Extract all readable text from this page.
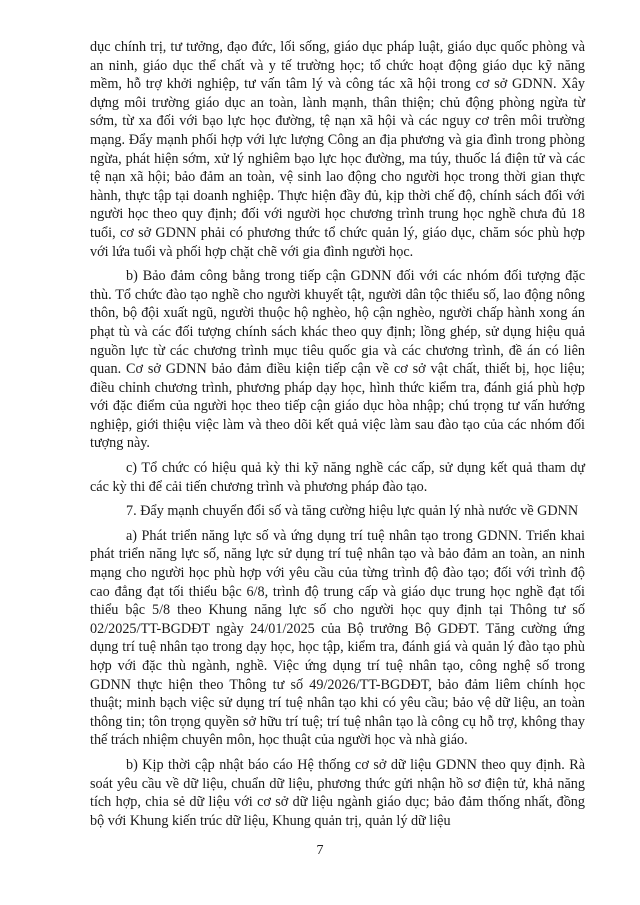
dục chính trị, tư tưởng, đạo đức, lối sống, giáo dục pháp luật, giáo dục quốc phòng và an ninh, giáo dục thể chất và y tế trường học; tổ chức hoạt động giáo dục kỹ năng mềm, hỗ trợ khởi nghiệp, tư vấn tâm lý và công tác xã hội trong cơ sở GDNN. Xây dựng môi trường giáo dục an toàn, lành mạnh, thân thiện; chủ động phòng ngừa từ sớm, từ xa đối với bạo lực học đường, tệ nạn xã hội và các nguy cơ trên môi trường mạng. Đẩy mạnh phối hợp với lực lượng Công an địa phương và gia đình trong phòng ngừa, phát hiện sớm, xử lý nghiêm bạo lực học đường, ma túy, thuốc lá điện tử và các tệ nạn xã hội; bảo đảm an toàn, vệ sinh lao động cho người học trong thời gian thực hành, thực tập tại doanh nghiệp. Thực hiện đầy đủ, kịp thời chế độ, chính sách đối với người học theo quy định; đối với người học chương trình trung học nghề chưa đủ 18 tuổi, cơ sở GDNN phải có phương thức tổ chức quản lý, giáo dục, chăm sóc phù hợp với lứa tuổi và phối hợp chặt chẽ với gia đình người học.

b) Bảo đảm công bằng trong tiếp cận GDNN đối với các nhóm đối tượng đặc thù. Tổ chức đào tạo nghề cho người khuyết tật, người dân tộc thiểu số, lao động nông thôn, bộ đội xuất ngũ, người thuộc hộ nghèo, hộ cận nghèo, người chấp hành xong án phạt tù và các đối tượng chính sách khác theo quy định; lồng ghép, sử dụng hiệu quả nguồn lực từ các chương trình mục tiêu quốc gia và các chương trình, đề án có liên quan. Cơ sở GDNN bảo đảm điều kiện tiếp cận về cơ sở vật chất, thiết bị, học liệu; điều chỉnh chương trình, phương pháp dạy học, hình thức kiểm tra, đánh giá phù hợp với đặc điểm của người học theo tiếp cận giáo dục hòa nhập; chú trọng tư vấn hướng nghiệp, giới thiệu việc làm và theo dõi kết quả việc làm sau đào tạo của các nhóm đối tượng này.

c) Tổ chức có hiệu quả kỳ thi kỹ năng nghề các cấp, sử dụng kết quả tham dự các kỳ thi để cải tiến chương trình và phương pháp đào tạo.

7. Đẩy mạnh chuyển đổi số và tăng cường hiệu lực quản lý nhà nước về GDNN

a) Phát triển năng lực số và ứng dụng trí tuệ nhân tạo trong GDNN. Triển khai phát triển năng lực số, năng lực sử dụng trí tuệ nhân tạo và bảo đảm an toàn, an ninh mạng cho người học phù hợp với yêu cầu của từng trình độ đào tạo; đối với trình độ cao đẳng đạt tối thiểu bậc 6/8, trình độ trung cấp và giáo dục trung học nghề đạt tối thiểu bậc 5/8 theo Khung năng lực số cho người học quy định tại Thông tư số 02/2025/TT-BGDĐT ngày 24/01/2025 của Bộ trưởng Bộ GDĐT. Tăng cường ứng dụng trí tuệ nhân tạo trong dạy học, học tập, kiểm tra, đánh giá và quản lý đào tạo phù hợp với đặc thù ngành, nghề. Việc ứng dụng trí tuệ nhân tạo, công nghệ số trong GDNN thực hiện theo Thông tư số 49/2026/TT-BGDĐT, bảo đảm liêm chính học thuật; minh bạch việc sử dụng trí tuệ nhân tạo khi có yêu cầu; bảo vệ dữ liệu, an toàn thông tin; tôn trọng quyền sở hữu trí tuệ; trí tuệ nhân tạo là công cụ hỗ trợ, không thay thế trách nhiệm chuyên môn, học thuật của người học và nhà giáo.

b) Kịp thời cập nhật báo cáo Hệ thống cơ sở dữ liệu GDNN theo quy định. Rà soát yêu cầu về dữ liệu, chuẩn dữ liệu, phương thức gửi nhận hồ sơ điện tử, khả năng tích hợp, chia sẻ dữ liệu với cơ sở dữ liệu ngành giáo dục; bảo đảm thống nhất, đồng bộ với Khung kiến trúc dữ liệu, Khung quản trị, quản lý dữ liệu

7
